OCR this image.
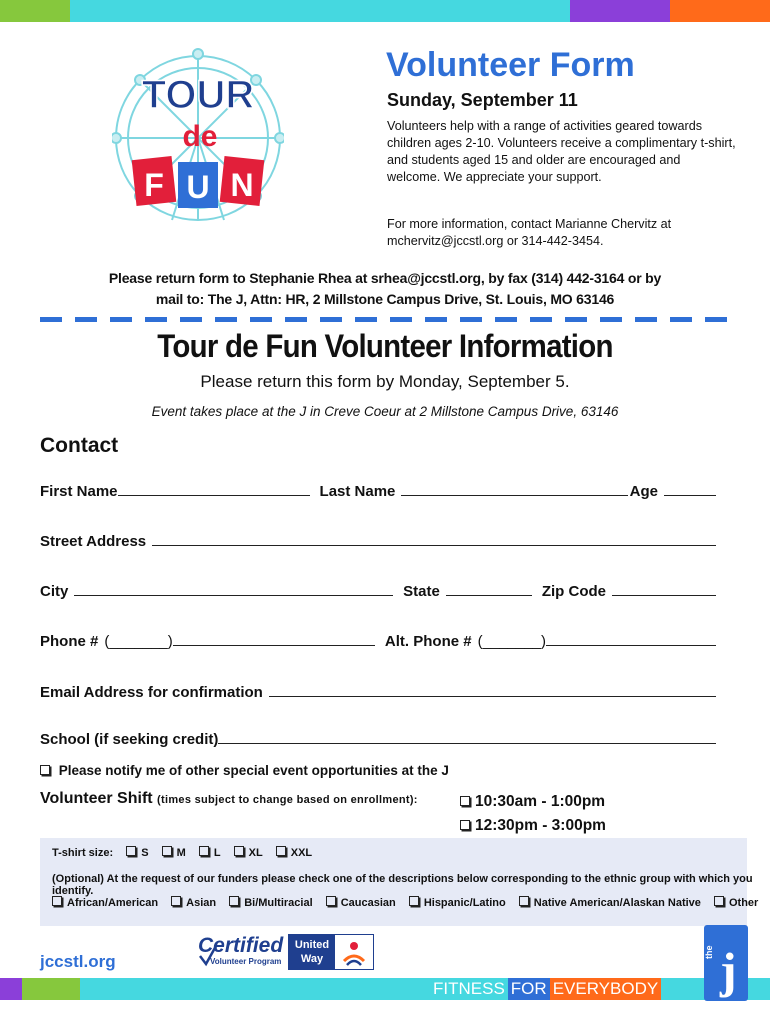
TOUR
de
F U N
Volunteer Form
Sunday, September 11
Volunteers help with a range of activities geared towards children ages 2-10. Volunteers receive a complimentary t-shirt, and students aged 15 and older are encouraged and welcome. We appreciate your support.
For more information, contact Marianne Chervitz at mchervitz@jccstl.org or 314-442-3454.
Please return form to Stephanie Rhea at srhea@jccstl.org, by fax (314) 442-3164 or by
mail to: The J, Attn: HR, 2 Millstone Campus Drive, St. Louis, MO 63146
Tour de Fun Volunteer Information
Please return this form by Monday, September 5.
Event takes place at the J in Creve Coeur at 2 Millstone Campus Drive, 63146
Contact
First Name	Last Name	Age
Street Address
City	State	Zip Code
Phone # (_______)	Alt. Phone # (_______)
Email Address for confirmation
School (if seeking credit)
Please notify me of other special event opportunities at the J
Volunteer Shift (times subject to change based on enrollment):	10:30am - 1:00pm
12:30pm - 3:00pm
T-shirt size:	S	M	L	XL	XXL
(Optional) At the request of our funders please check one of the descriptions below corresponding to the ethnic group with which you identify.
African/American	Asian	Bi/Multiracial	Caucasian	Hispanic/Latino	Native American/Alaskan Native	Other
jccstl.org
Certified
Volunteer Program
United Way
FITNESS FOR EVERYBODY
the j
